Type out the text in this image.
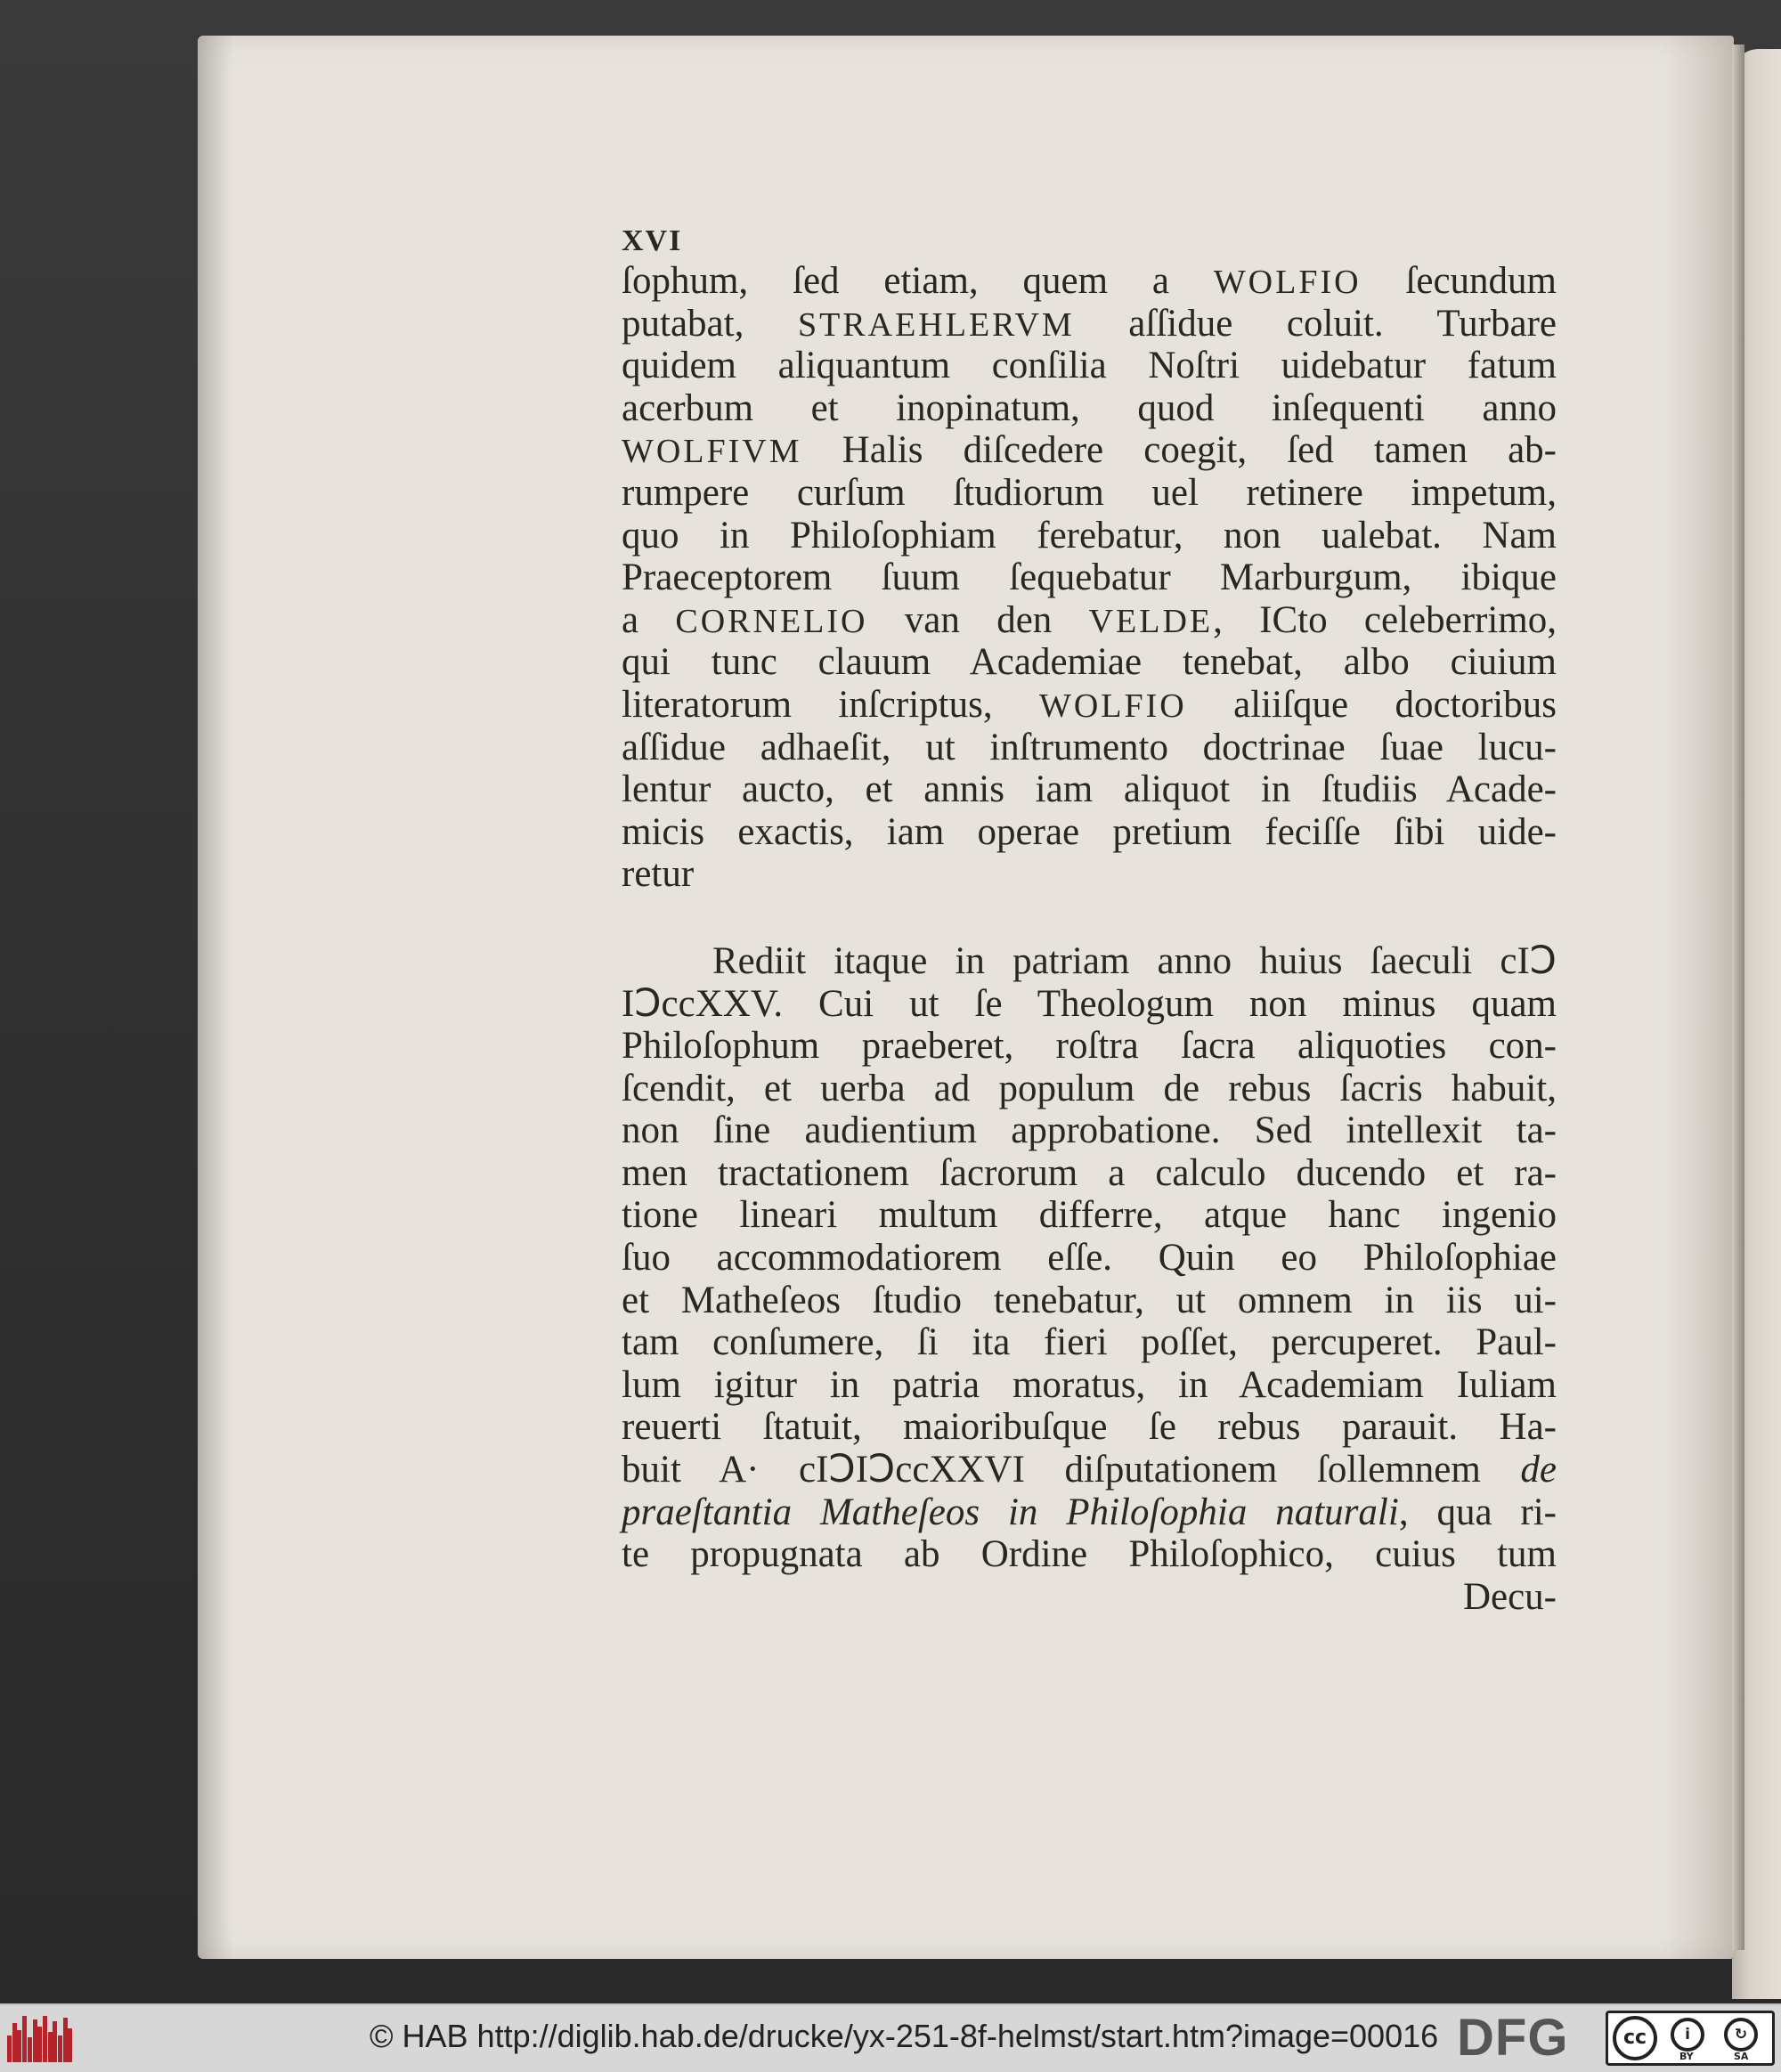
XVI
ſophum, ſed etiam, quem a WOLFIO ſecundum
putabat, STRAEHLERVM aſſidue coluit. Turbare
quidem aliquantum conſilia Noſtri uidebatur fatum
acerbum et inopinatum, quod inſequenti anno
WOLFIVM Halis diſcedere coegit, ſed tamen ab-
rumpere curſum ſtudiorum uel retinere impetum,
quo in Philoſophiam ferebatur, non ualebat. Nam
Praeceptorem ſuum ſequebatur Marburgum, ibique
a CORNELIO van den VELDE, ICto celeberrimo,
qui tunc clauum Academiae tenebat, albo ciuium
literatorum inſcriptus, WOLFIO aliiſque doctoribus
aſſidue adhaeſit, ut inſtrumento doctrinae ſuae lucu-
lentur aucto, et annis iam aliquot in ſtudiis Acade-
micis exactis, iam operae pretium feciſſe ſibi uide-
retur
Rediit itaque in patriam anno huius ſaeculi cIↃ
IↃccXXV. Cui ut ſe Theologum non minus quam
Philoſophum praeberet, roſtra ſacra aliquoties con-
ſcendit, et uerba ad populum de rebus ſacris habuit,
non ſine audientium approbatione. Sed intellexit ta-
men tractationem ſacrorum a calculo ducendo et ra-
tione lineari multum differre, atque hanc ingenio
ſuo accommodatiorem eſſe. Quin eo Philoſophiae
et Matheſeos ſtudio tenebatur, ut omnem in iis ui-
tam conſumere, ſi ita fieri poſſet, percuperet. Paul-
lum igitur in patria moratus, in Academiam Iuliam
reuerti ſtatuit, maioribuſque ſe rebus parauit. Ha-
buit A· cIↃIↃccXXVI diſputationem ſollemnem de
praeſtantia Matheſeos in Philoſophia naturali, qua ri-
te propugnata ab Ordine Philoſophico, cuius tum
Decu-
© HAB http://diglib.hab.de/drucke/yx-251-8f-helmst/start.htm?image=00016 DFG	cc	i	↻
BY	SA
